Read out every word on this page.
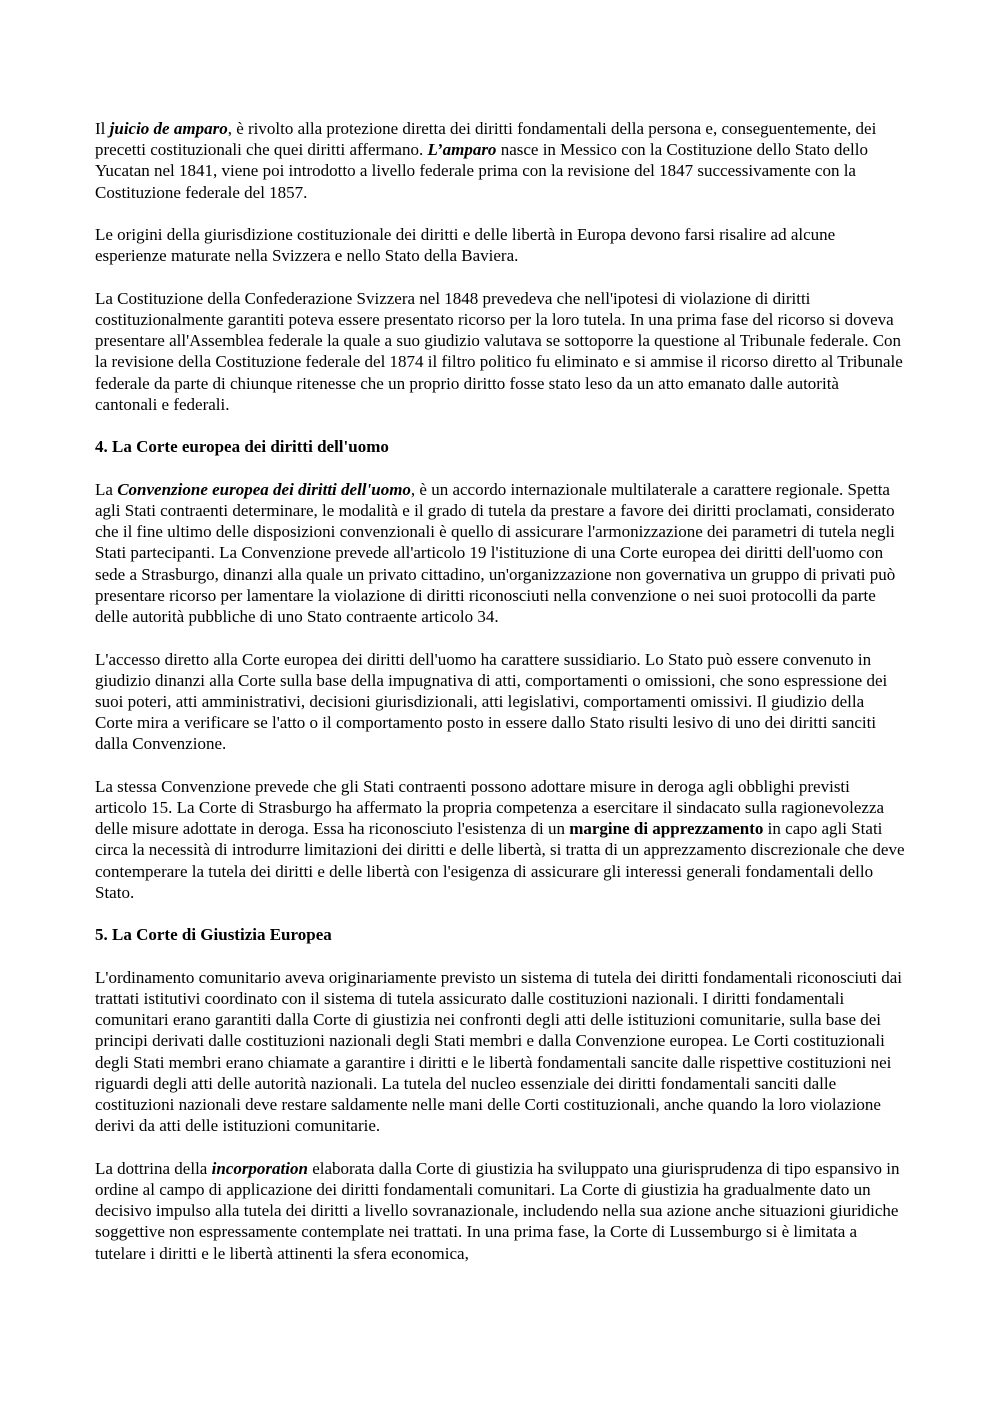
Il juicio de amparo, è rivolto alla protezione diretta dei diritti fondamentali della persona e, conseguentemente, dei precetti costituzionali che quei diritti affermano. L’amparo nasce in Messico con la Costituzione dello Stato dello Yucatan nel 1841, viene poi introdotto a livello federale prima con la revisione del 1847 successivamente con la Costituzione federale del 1857.

Le origini della giurisdizione costituzionale dei diritti e delle libertà in Europa devono farsi risalire ad alcune esperienze maturate nella Svizzera e nello Stato della Baviera.

La Costituzione della Confederazione Svizzera nel 1848 prevedeva che nell'ipotesi di violazione di diritti costituzionalmente garantiti poteva essere presentato ricorso per la loro tutela. In una prima fase del ricorso si doveva presentare all'Assemblea federale la quale a suo giudizio valutava se sottoporre la questione al Tribunale federale. Con la revisione della Costituzione federale del 1874 il filtro politico fu eliminato e si ammise il ricorso diretto al Tribunale federale da parte di chiunque ritenesse che un proprio diritto fosse stato leso da un atto emanato dalle autorità cantonali e federali.

4. La Corte europea dei diritti dell'uomo

La Convenzione europea dei diritti dell'uomo, è un accordo internazionale multilaterale a carattere regionale. Spetta agli Stati contraenti determinare, le modalità e il grado di tutela da prestare a favore dei diritti proclamati, considerato che il fine ultimo delle disposizioni convenzionali è quello di assicurare l'armonizzazione dei parametri di tutela negli Stati partecipanti. La Convenzione prevede all'articolo 19 l'istituzione di una Corte europea dei diritti dell'uomo con sede a Strasburgo, dinanzi alla quale un privato cittadino, un'organizzazione non governativa un gruppo di privati può presentare ricorso per lamentare la violazione di diritti riconosciuti nella convenzione o nei suoi protocolli da parte delle autorità pubbliche di uno Stato contraente articolo 34.

L'accesso diretto alla Corte europea dei diritti dell'uomo ha carattere sussidiario. Lo Stato può essere convenuto in giudizio dinanzi alla Corte sulla base della impugnativa di atti, comportamenti o omissioni, che sono espressione dei suoi poteri, atti amministrativi, decisioni giurisdizionali, atti legislativi, comportamenti omissivi. Il giudizio della Corte mira a verificare se l'atto o il comportamento posto in essere dallo Stato risulti lesivo di uno dei diritti sanciti dalla Convenzione.

La stessa Convenzione prevede che gli Stati contraenti possono adottare misure in deroga agli obblighi previsti articolo 15. La Corte di Strasburgo ha affermato la propria competenza a esercitare il sindacato sulla ragionevolezza delle misure adottate in deroga. Essa ha riconosciuto l'esistenza di un margine di apprezzamento in capo agli Stati circa la necessità di introdurre limitazioni dei diritti e delle libertà, si tratta di un apprezzamento discrezionale che deve contemperare la tutela dei diritti e delle libertà con l'esigenza di assicurare gli interessi generali fondamentali dello Stato.

5. La Corte di Giustizia Europea

L'ordinamento comunitario aveva originariamente previsto un sistema di tutela dei diritti fondamentali riconosciuti dai trattati istitutivi coordinato con il sistema di tutela assicurato dalle costituzioni nazionali. I diritti fondamentali comunitari erano garantiti dalla Corte di giustizia nei confronti degli atti delle istituzioni comunitarie, sulla base dei principi derivati dalle costituzioni nazionali degli Stati membri e dalla Convenzione europea. Le Corti costituzionali degli Stati membri erano chiamate a garantire i diritti e le libertà fondamentali sancite dalle rispettive costituzioni nei riguardi degli atti delle autorità nazionali. La tutela del nucleo essenziale dei diritti fondamentali sanciti dalle costituzioni nazionali deve restare saldamente nelle mani delle Corti costituzionali, anche quando la loro violazione derivi da atti delle istituzioni comunitarie.

La dottrina della incorporation elaborata dalla Corte di giustizia ha sviluppato una giurisprudenza di tipo espansivo in ordine al campo di applicazione dei diritti fondamentali comunitari. La Corte di giustizia ha gradualmente dato un decisivo impulso alla tutela dei diritti a livello sovranazionale, includendo nella sua azione anche situazioni giuridiche soggettive non espressamente contemplate nei trattati. In una prima fase, la Corte di Lussemburgo si è limitata a tutelare i diritti e le libertà attinenti la sfera economica,
